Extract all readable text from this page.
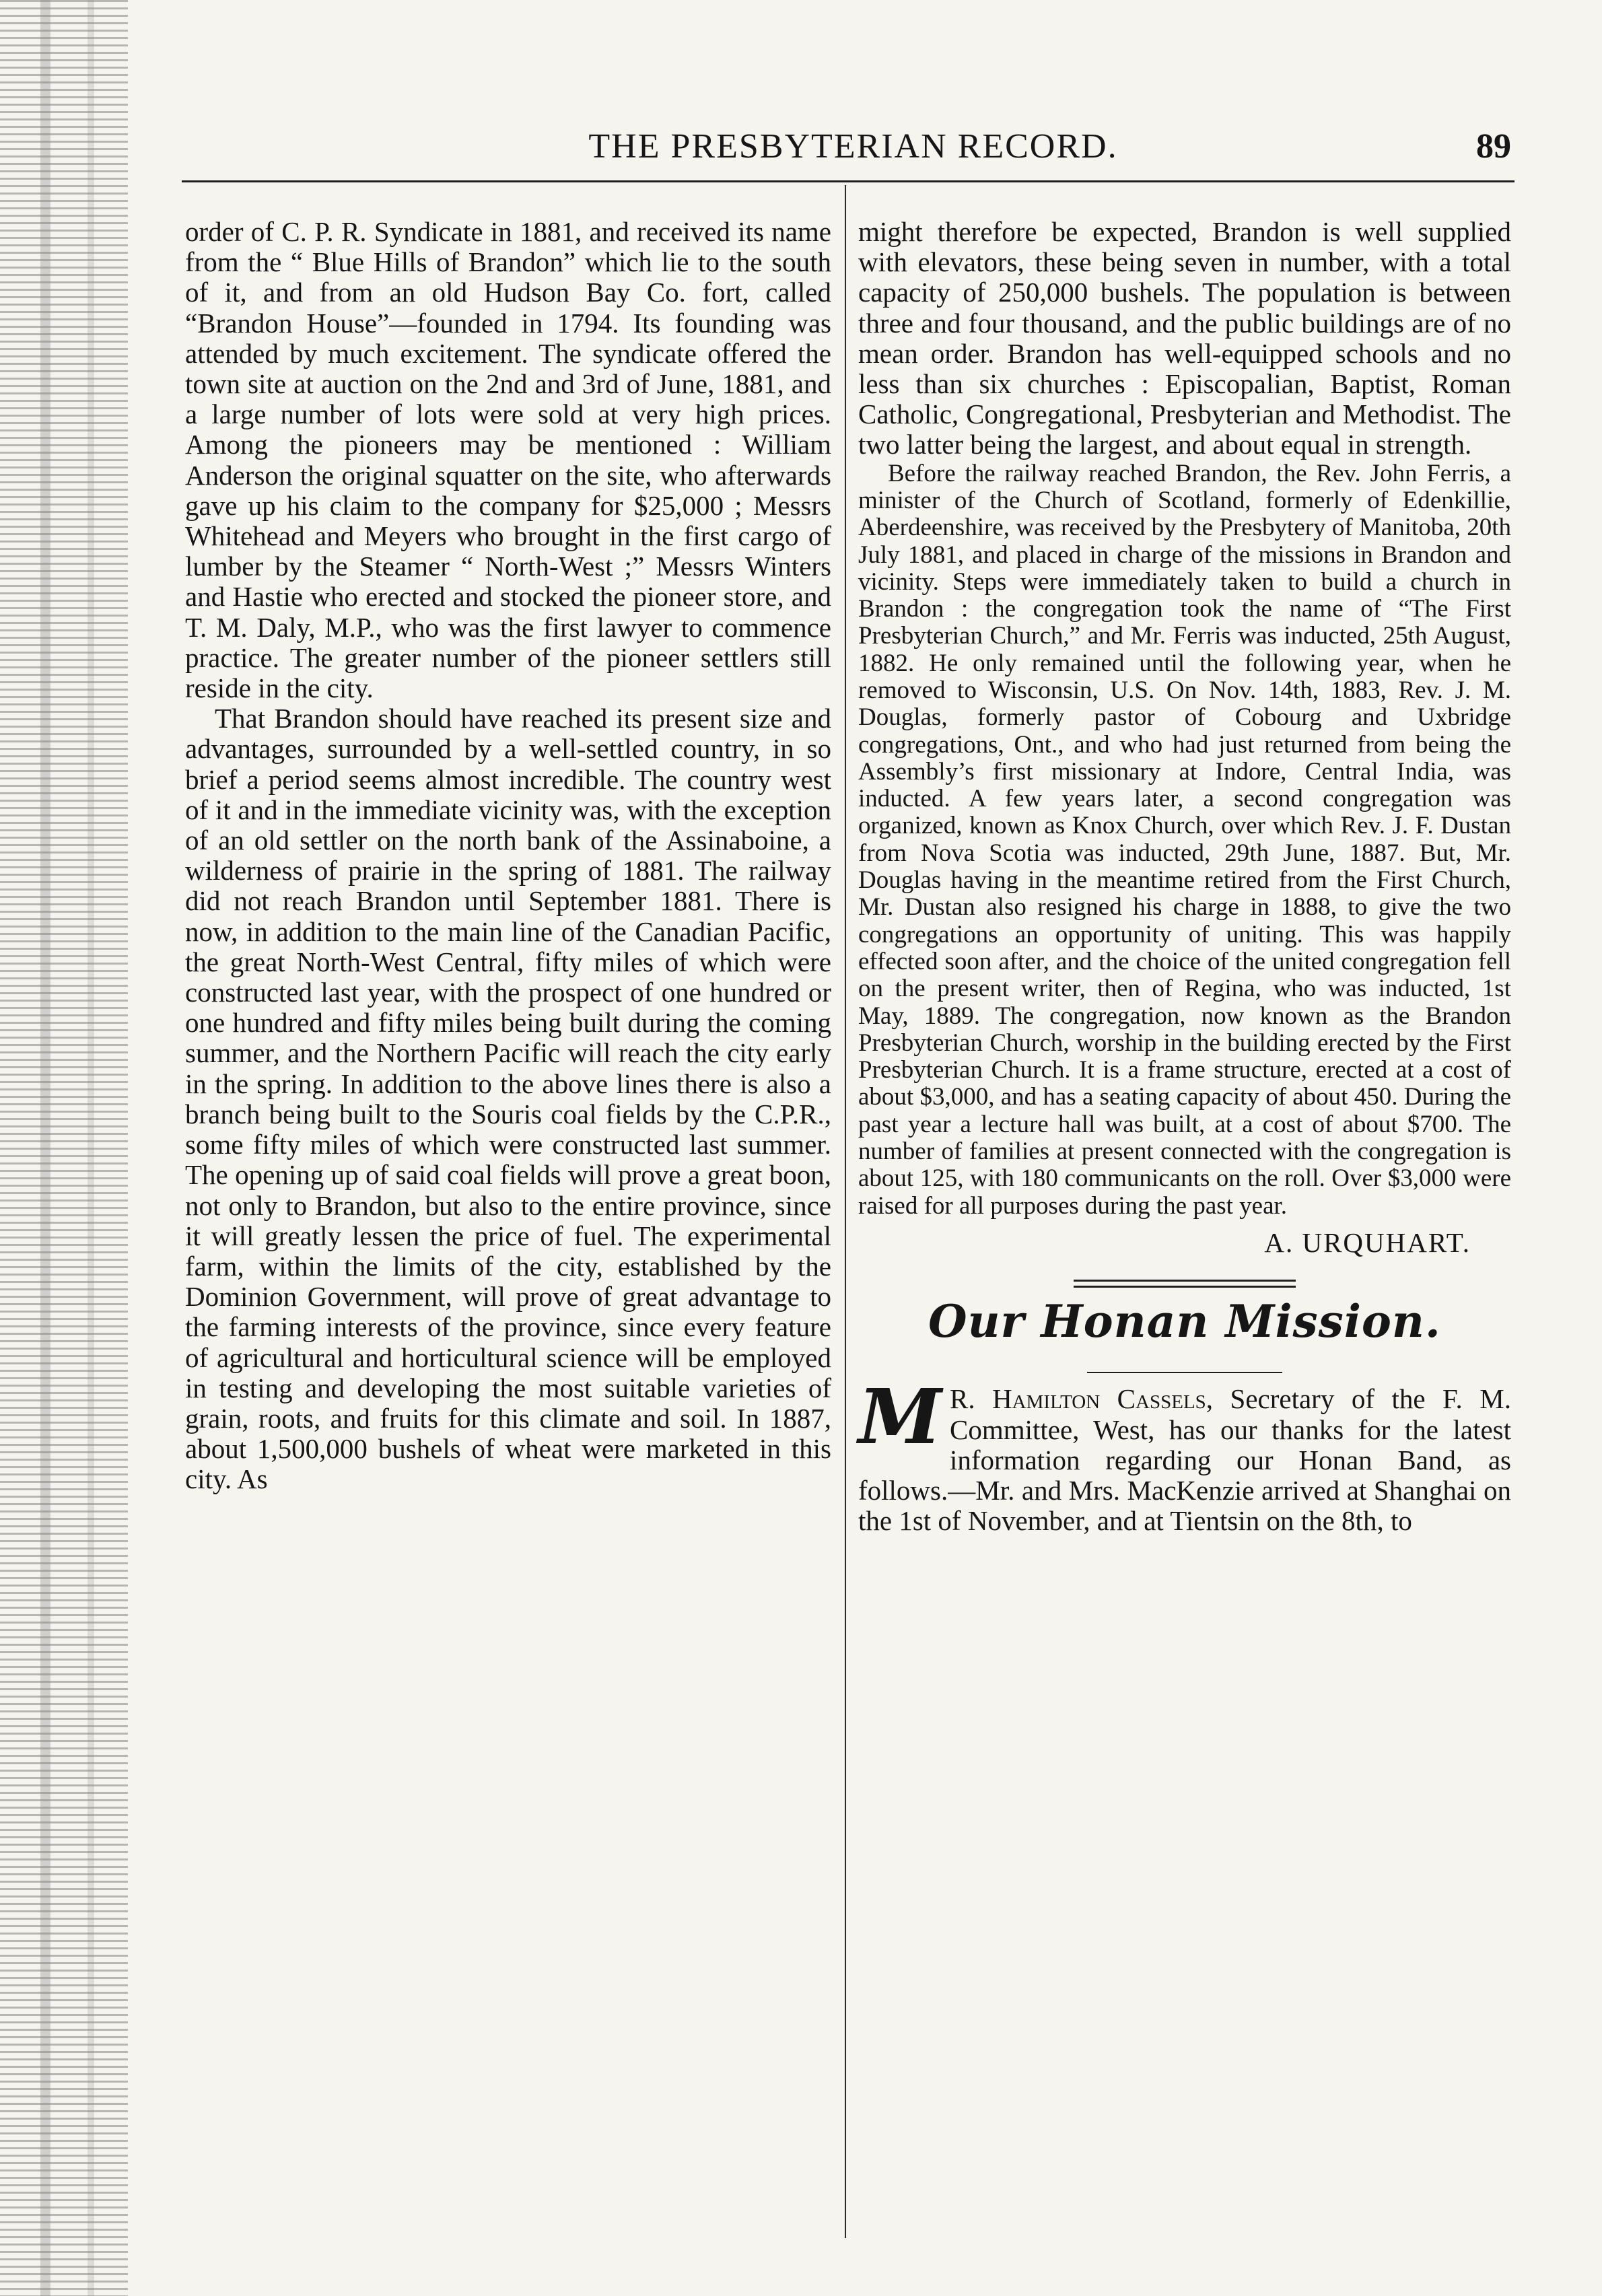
THE PRESBYTERIAN RECORD.	89

order of C. P. R. Syndicate in 1881, and received its name from the “ Blue Hills of Brandon” which lie to the south of it, and from an old Hudson Bay Co. fort, called “Brandon House”—founded in 1794. Its founding was attended by much excitement. The syndicate offered the town site at auction on the 2nd and 3rd of June, 1881, and a large number of lots were sold at very high prices. Among the pioneers may be mentioned : William Anderson the original squatter on the site, who afterwards gave up his claim to the company for $25,000 ; Messrs Whitehead and Meyers who brought in the first cargo of lumber by the Steamer “ North-West ;” Messrs Winters and Hastie who erected and stocked the pioneer store, and T. M. Daly, M.P., who was the first lawyer to commence practice. The greater number of the pioneer settlers still reside in the city.

That Brandon should have reached its present size and advantages, surrounded by a well-settled country, in so brief a period seems almost incredible. The country west of it and in the immediate vicinity was, with the exception of an old settler on the north bank of the Assinaboine, a wilderness of prairie in the spring of 1881. The railway did not reach Brandon until September 1881. There is now, in addition to the main line of the Canadian Pacific, the great North-West Central, fifty miles of which were constructed last year, with the prospect of one hundred or one hundred and fifty miles being built during the coming summer, and the Northern Pacific will reach the city early in the spring. In addition to the above lines there is also a branch being built to the Souris coal fields by the C.P.R., some fifty miles of which were constructed last summer. The opening up of said coal fields will prove a great boon, not only to Brandon, but also to the entire province, since it will greatly lessen the price of fuel. The experimental farm, within the limits of the city, established by the Dominion Government, will prove of great advantage to the farming interests of the province, since every feature of agricultural and horticultural science will be employed in testing and developing the most suitable varieties of grain, roots, and fruits for this climate and soil. In 1887, about 1,500,000 bushels of wheat were marketed in this city. As

might therefore be expected, Brandon is well supplied with elevators, these being seven in number, with a total capacity of 250,000 bushels. The population is between three and four thousand, and the public buildings are of no mean order. Brandon has well-equipped schools and no less than six churches : Episcopalian, Baptist, Roman Catholic, Congregational, Presbyterian and Methodist. The two latter being the largest, and about equal in strength.

Before the railway reached Brandon, the Rev. John Ferris, a minister of the Church of Scotland, formerly of Edenkillie, Aberdeenshire, was received by the Presbytery of Manitoba, 20th July 1881, and placed in charge of the missions in Brandon and vicinity. Steps were immediately taken to build a church in Brandon : the congregation took the name of “The First Presbyterian Church,” and Mr. Ferris was inducted, 25th August, 1882. He only remained until the following year, when he removed to Wisconsin, U.S. On Nov. 14th, 1883, Rev. J. M. Douglas, formerly pastor of Cobourg and Uxbridge congregations, Ont., and who had just returned from being the Assembly’s first missionary at Indore, Central India, was inducted. A few years later, a second congregation was organized, known as Knox Church, over which Rev. J. F. Dustan from Nova Scotia was inducted, 29th June, 1887. But, Mr. Douglas having in the meantime retired from the First Church, Mr. Dustan also resigned his charge in 1888, to give the two congregations an opportunity of uniting. This was happily effected soon after, and the choice of the united congregation fell on the present writer, then of Regina, who was inducted, 1st May, 1889. The congregation, now known as the Brandon Presbyterian Church, worship in the building erected by the First Presbyterian Church. It is a frame structure, erected at a cost of about $3,000, and has a seating capacity of about 450. During the past year a lecture hall was built, at a cost of about $700. The number of families at present connected with the congregation is about 125, with 180 communicants on the roll. Over $3,000 were raised for all purposes during the past year.

A. URQUHART.

Our Honan Mission.

M R. Hamilton Cassels, Secretary of the F. M. Committee, West, has our thanks for the latest information regarding our Honan Band, as follows.—Mr. and Mrs. MacKenzie arrived at Shanghai on the 1st of November, and at Tientsin on the 8th, to
